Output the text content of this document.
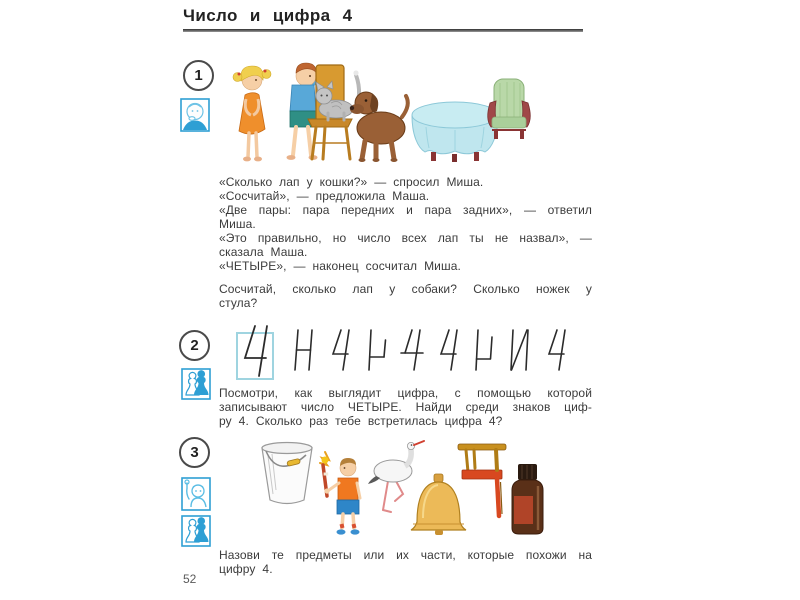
Число и цифра 4
1
«Сколько лап у кошки?» — спросил Миша.
«Сосчитай», — предложила Маша.
«Две пары: пара передних и пара задних», — ответил
Миша.
«Это правильно, но число всех лап ты не назвал», —
сказала Маша.
«ЧЕТЫРЕ», — наконец сосчитал Миша.
Сосчитай, сколько лап у собаки? Сколько ножек у
стула?
2
Посмотри, как выглядит цифра, с помощью которой
записывают число ЧЕТЫРЕ. Найди среди знаков циф-
ру 4. Сколько раз тебе встретилась цифра 4?
3
Назови те предметы или их части, которые похожи на
цифру 4.
52
